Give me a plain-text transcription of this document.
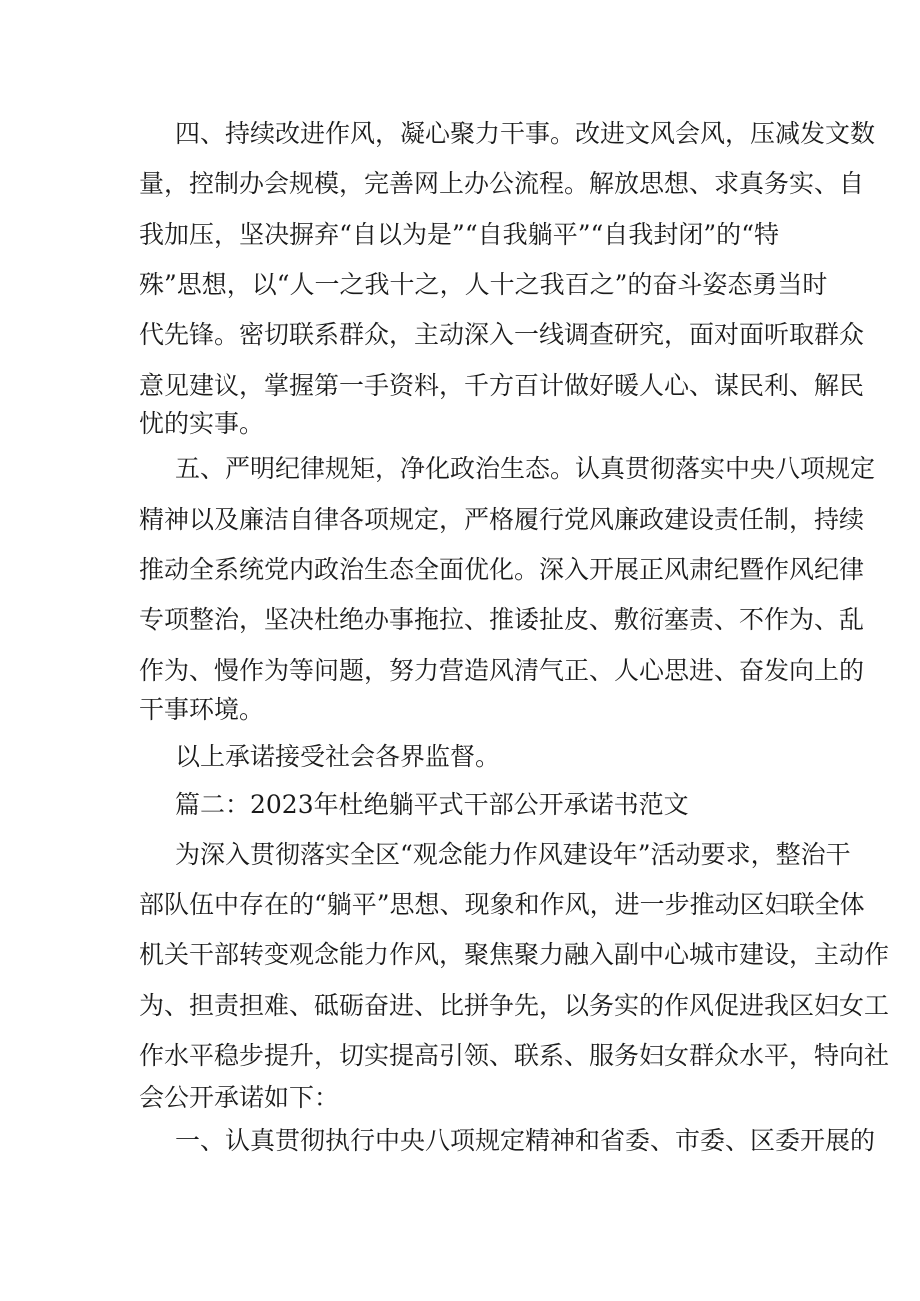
四、持续改进作风，凝心聚力干事。改进文风会风，压减发文数
量，控制办会规模，完善网上办公流程。解放思想、求真务实、自
我加压，坚决摒弃“自以为是”“自我躺平”“自我封闭”的“特
殊”思想，以“人一之我十之，人十之我百之”的奋斗姿态勇当时
代先锋。密切联系群众，主动深入一线调查研究，面对面听取群众
意见建议，掌握第一手资料，千方百计做好暖人心、谋民利、解民
忧的实事。
五、严明纪律规矩，净化政治生态。认真贯彻落实中央八项规定
精神以及廉洁自律各项规定，严格履行党风廉政建设责任制，持续
推动全系统党内政治生态全面优化。深入开展正风肃纪暨作风纪律
专项整治，坚决杜绝办事拖拉、推诿扯皮、敷衍塞责、不作为、乱
作为、慢作为等问题，努力营造风清气正、人心思进、奋发向上的
干事环境。
以上承诺接受社会各界监督。
篇二：2023年杜绝躺平式干部公开承诺书范文
为深入贯彻落实全区“观念能力作风建设年”活动要求，整治干
部队伍中存在的“躺平”思想、现象和作风，进一步推动区妇联全体
机关干部转变观念能力作风，聚焦聚力融入副中心城市建设，主动作
为、担责担难、砥砺奋进、比拼争先，以务实的作风促进我区妇女工
作水平稳步提升，切实提高引领、联系、服务妇女群众水平，特向社
会公开承诺如下：
一、认真贯彻执行中央八项规定精神和省委、市委、区委开展的
